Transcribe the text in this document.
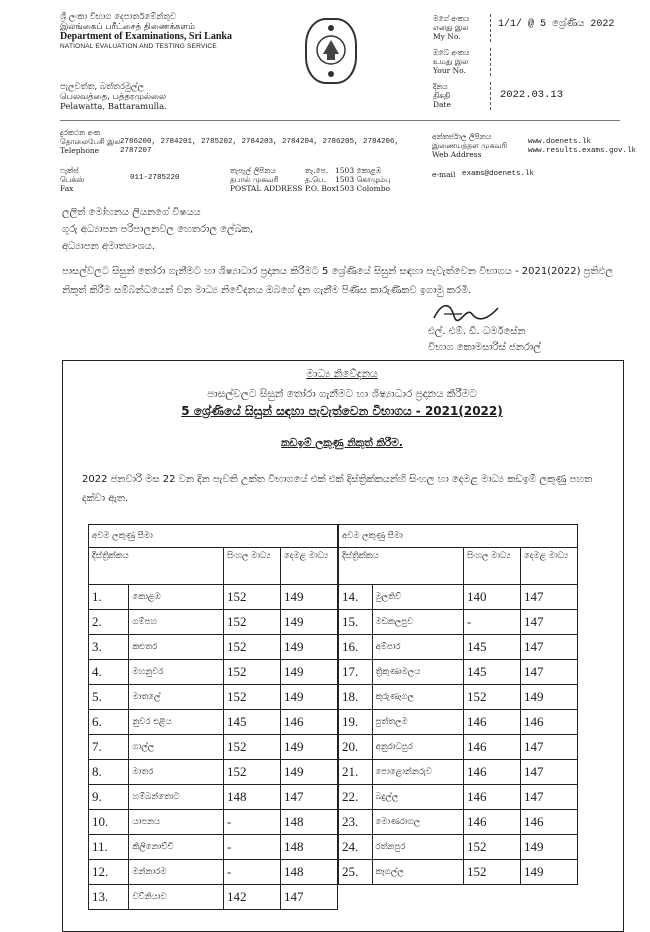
ශ්‍රී ලංකා විභාග දෙපාර්තමේන්තුව
இலங்கைப் பரீட்சைத் திணைக்களம்
Department of Examinations, Sri Lanka
NATIONAL EVALUATION AND TESTING SERVICE
පැලවත්ත, බත්තරමුල්ල
பெலவத்தை, பத்தரமுல்லை
Pelawatta, Battaramulla.
මගේ අංකය
எனது இல
My No.
1/1/ @ 5 ශ්‍රේණිය 2022
ඔබේ අංකය
உமது இல
Your No.
දිනය
திகதி
Date
2022.03.13
දුරකථන අංක
தொலைபேசி இல
Telephone
2786200, 2784201, 2785202, 2784203, 2784204, 2786205, 2784206, 2787207
ෆැක්ස්
பெக்ஸ்
Fax
011-2785220
තැපැල් ලිපිනය
தபால் முகவரி
POSTAL ADDRESS
තැ.පෙ.
த.பெ.
P.O. Box
1503 කොළඹ
1503 கொழும்பு
1503 Colombo
අන්තර්ජාල ලිපිනය
இணையத்தள முகவரி
Web Address
www.doenets.lk
www.results.exams.gov.lk
e-mail exams@doenets.lk
ලලිත් මෝහනය ලියනගේ විෂයය
ගුරු අධ්‍යාපන පරිපාලනවල හෙතරාල ලේඛක,
අධ්‍යාපන අමාත්‍යාංශය.
පාසල්වලට සිසුන් තෝරා ගැනීමට හා ශිෂ්‍යාධාර ප්‍රදානය කිරීමට 5 ශ්‍රේණියේ සිසුන් සඳහා පැවැත්වෙන විභාගය - 2021(2022) ප්‍රතිඵල නිකුත් කිරීම සම්බන්ධයෙන් වන මාධ්‍ය නිවේදනය ඔබගේ දැන ගැනීම පිණිස කාරුණිකව ඉගාමු කරමි.
එල්. එම්. ඩී. ධර්මසේන
විභාග කොමසාරිස් ජනරාල්
මාධ්‍ය නිවේදනය
පාසල්වලට සිසුන් තෝරා ගැනීමට හා ශිෂ්‍යාධාර ප්‍රදානය කිරීමට
5 ශ්‍රේණියේ සිසුන් සඳහා පැවැත්වෙන විභාගය - 2021(2022)
කඩඉම් ලකුණු නිකුත් කිරීම.
2022 ජනවාරි මස 22 වන දින පැවති උක්ත විභාගයේ එක් එක් දිස්ත්‍රික්කයන්හි සිංහල හා දෙමළ මාධ්‍ය කඩඉම් ලකුණු පහත දක්වා ඇත.
අවම ලකුණු සීමා			
දිස්ත්‍රික්කය		සිංහල මාධ්‍ය	දෙමළ මාධ්‍ය
1.	කොළඹ	152	149
2.	ගම්පහ	152	149
3.	කළුතර	152	149
4.	මහනුවර	152	149
5.	මාතලේ	152	149
6.	නුවර එළිය	145	146
7.	ගාල්ල	152	149
8.	මාතර	152	149
9.	හම්බන්තොට	148	147
10.	යාපනය	-	148
11.	කිලිනොච්චි	-	148
12.	මන්නාරම	-	148
13.	වව්නියාව	142	147
අවම ලකුණු සීමා			
දිස්ත්‍රික්කය		සිංහල මාධ්‍ය	දෙමළ මාධ්‍ය
14.	මුලතිව්	140	147
15.	මඩකලපුව	-	147
16.	අම්පාර	145	147
17.	ත්‍රිකුණාමලය	145	147
18.	කුරුණෑගල	152	149
19.	පුත්තලම	146	146
20.	අනුරාධපුර	146	147
21.	පොළොන්නරුව	146	147
22.	බදුල්ල	146	147
23.	මොණරාගල	146	146
24.	රත්නපුර	152	149
25.	කෑගල්ල	152	149
